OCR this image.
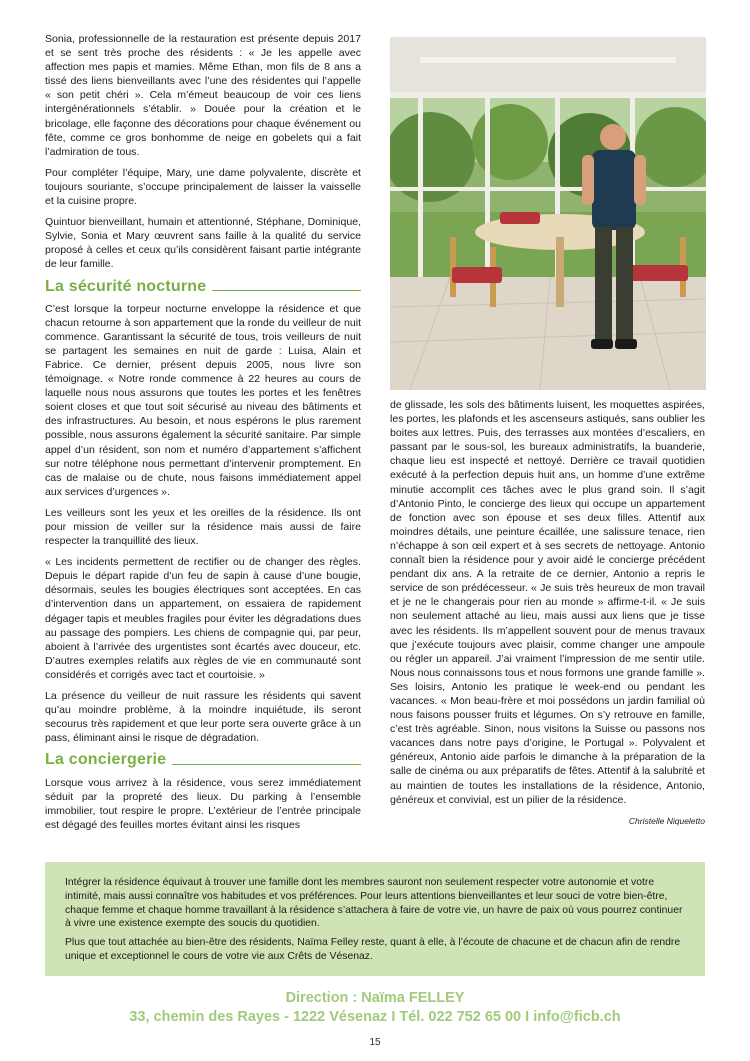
Sonia, professionnelle de la restauration est présente depuis 2017 et se sent très proche des résidents : « Je les appelle avec affection mes papis et mamies. Même Ethan, mon fils de 8 ans a tissé des liens bienveillants avec l’une des résidentes qui l’appelle « son petit chéri ». Cela m’émeut beaucoup de voir ces liens intergénérationnels s’établir. » Douée pour la création et le bricolage, elle façonne des décorations pour chaque événement ou fête, comme ce gros bonhomme de neige en gobelets qui a fait l’admiration de tous.

Pour compléter l’équipe, Mary, une dame polyvalente, discrète et toujours souriante, s’occupe principalement de laisser la vaisselle et la cuisine propre.

Quintuor bienveillant, humain et attentionné, Stéphane, Dominique, Sylvie, Sonia et Mary œuvrent sans faille à la qualité du service proposé à celles et ceux qu’ils considèrent faisant partie intégrante de leur famille.

La sécurité nocturne

C’est lorsque la torpeur nocturne enveloppe la résidence et que chacun retourne à son appartement que la ronde du veilleur de nuit commence. Garantissant la sécurité de tous, trois veilleurs de nuit se partagent les semaines en nuit de garde : Luisa, Alain et Fabrice. Ce dernier, présent depuis 2005, nous livre son témoignage. « Notre ronde commence à 22 heures au cours de laquelle nous nous assurons que toutes les portes et les fenêtres soient closes et que tout soit sécurisé au niveau des bâtiments et des infrastructures. Au besoin, et nous espérons le plus rarement possible, nous assurons également la sécurité sanitaire. Par simple appel d’un résident, son nom et numéro d’appartement s’affichent sur notre téléphone nous permettant d’intervenir promptement. En cas de malaise ou de chute, nous faisons immédiatement appel aux services d’urgences ».

Les veilleurs sont les yeux et les oreilles de la résidence. Ils ont pour mission de veiller sur la résidence mais aussi de faire respecter la tranquillité des lieux.

« Les incidents permettent de rectifier ou de changer des règles. Depuis le départ rapide d’un feu de sapin à cause d’une bougie, désormais, seules les bougies électriques sont acceptées. En cas d’intervention dans un appartement, on essaiera de rapidement dégager tapis et meubles fragiles pour éviter les dégradations dues au passage des pompiers. Les chiens de compagnie qui, par peur, aboient à l’arrivée des urgentistes sont écartés avec douceur, etc. D’autres exemples relatifs aux règles de vie en communauté sont considérés et corrigés avec tact et courtoisie. »

La présence du veilleur de nuit rassure les résidents qui savent qu’au moindre problème, à la moindre inquiétude, ils seront secourus très rapidement et que leur porte sera ouverte grâce à un pass, éliminant ainsi le risque de dégradation.

La conciergerie

Lorsque vous arrivez à la résidence, vous serez immédiatement séduit par la propreté des lieux. Du parking à l’ensemble immobilier, tout respire le propre. L’extérieur de l’entrée principale est dégagé des feuilles mortes évitant ainsi les risques

de glissade, les sols des bâtiments luisent, les moquettes aspirées, les portes, les plafonds et les ascenseurs astiqués, sans oublier les boites aux lettres. Puis, des terrasses aux montées d’escaliers, en passant par le sous-sol, les bureaux administratifs, la buanderie, chaque lieu est inspecté et nettoyé. Derrière ce travail quotidien exécuté à la perfection depuis huit ans, un homme d’une extrême minutie accomplit ces tâches avec le plus grand soin. Il s’agit d’Antonio Pinto, le concierge des lieux qui occupe un appartement de fonction avec son épouse et ses deux filles. Attentif aux moindres détails, une peinture écaillée, une salissure tenace, rien n’échappe à son œil expert et à ses secrets de nettoyage. Antonio connaît bien la résidence pour y avoir aidé le concierge précédent pendant dix ans. A la retraite de ce dernier, Antonio a repris le service de son prédécesseur. « Je suis très heureux de mon travail et je ne le changerais pour rien au monde » affirme-t-il. « Je suis non seulement attaché au lieu, mais aussi aux liens que je tisse avec les résidents. Ils m’appellent souvent pour de menus travaux que j’exécute toujours avec plaisir, comme changer une ampoule ou régler un appareil. J’ai vraiment l’impression de me sentir utile. Nous nous connaissons tous et nous formons une grande famille ». Ses loisirs, Antonio les pratique le week-end ou pendant les vacances. « Mon beau-frère et moi possédons un jardin familial où nous faisons pousser fruits et légumes. On s’y retrouve en famille, c’est très agréable. Sinon, nous visitons la Suisse ou passons nos vacances dans notre pays d’origine, le Portugal ». Polyvalent et généreux, Antonio aide parfois le dimanche à la préparation de la salle de cinéma ou aux préparatifs de fêtes. Attentif à la salubrité et au maintien de toutes les installations de la résidence, Antonio, généreux et convivial, est un pilier de la résidence.

Christelle Niqueletto

Intégrer la résidence équivaut à trouver une famille dont les membres sauront non seulement respecter votre autonomie et votre intimité, mais aussi connaître vos habitudes et vos préférences. Pour leurs attentions bienveillantes et leur souci de votre bien-être, chaque femme et chaque homme travaillant à la résidence s’attachera à faire de votre vie, un havre de paix où vous pourrez continuer à vivre une existence exempte des soucis du quotidien.

Plus que tout attachée au bien-être des résidents, Naïma Felley reste, quant à elle, à l’écoute de chacune et de chacun afin de rendre unique et exceptionnel le cours de votre vie aux Crêts de Vésenaz.

Direction : Naïma FELLEY
33, chemin des Rayes - 1222 Vésenaz I Tél. 022 752 65 00 I info@ficb.ch
15
